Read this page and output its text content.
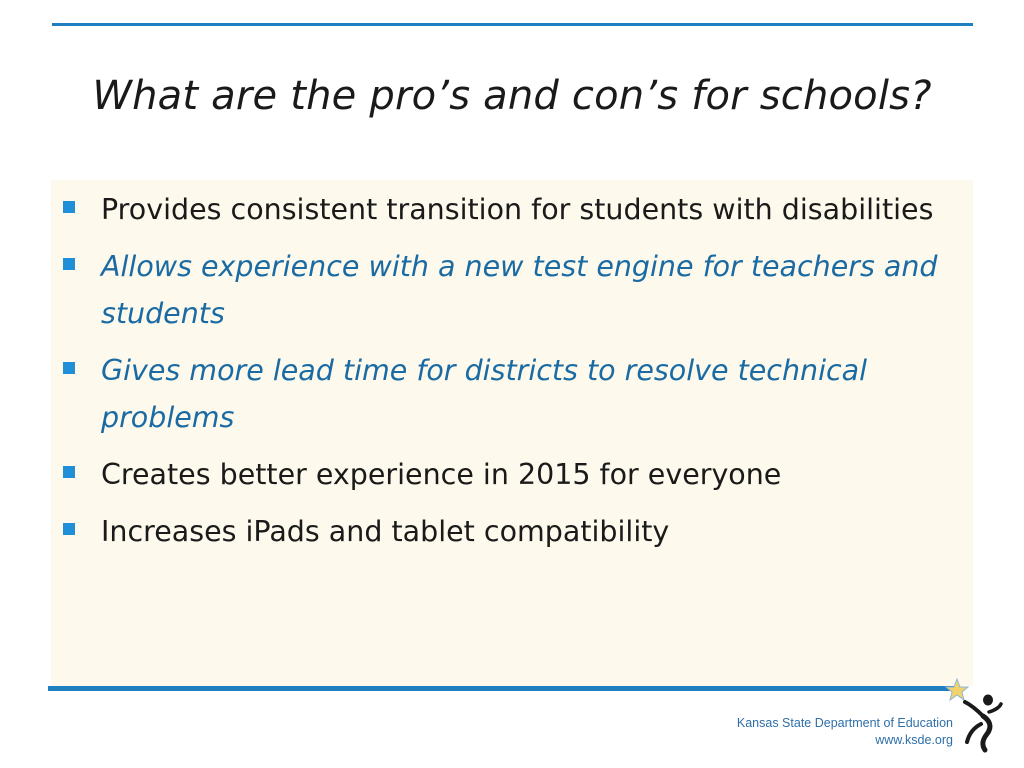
What are the pro’s and con’s for schools?
Provides consistent transition for students with disabilities
Allows experience with a new test engine for teachers and students
Gives more lead time for districts to resolve technical problems
Creates better experience in 2015 for everyone
Increases iPads and tablet compatibility
Kansas State Department of Education
www.ksde.org
